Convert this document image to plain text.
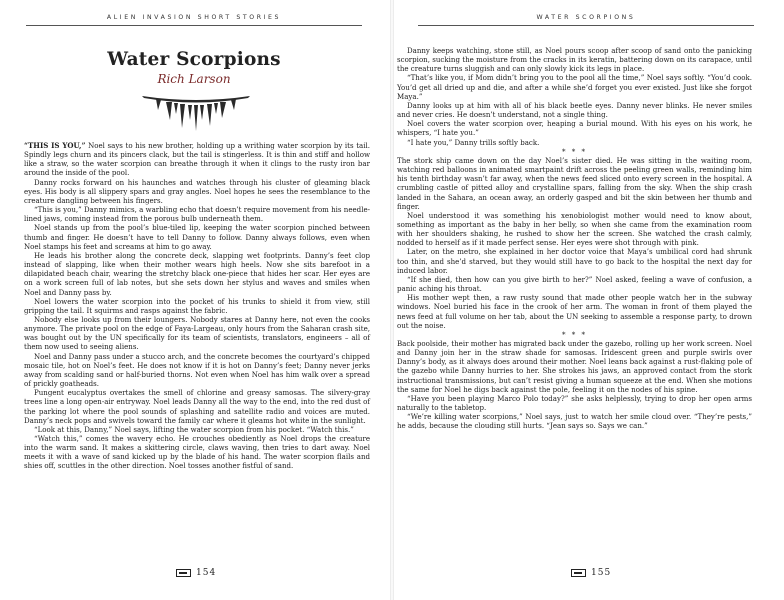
ALIEN INVASION SHORT STORIES
Water Scorpions
Rich Larson

“THIS IS YOU,” Noel says to his new brother, holding up a writhing water scorpion by its tail. Spindly legs churn and its pincers clack, but the tail is stingerless. It is thin and stiff and hollow like a straw, so the water scorpion can breathe through it when it clings to the rusty iron bar around the inside of the pool.

Danny rocks forward on his haunches and watches through his cluster of gleaming black eyes. His body is all slippery spars and gray angles. Noel hopes he sees the resemblance to the creature dangling between his fingers.

“This is you,” Danny mimics, a warbling echo that doesn’t require movement from his needle-lined jaws, coming instead from the porous bulb underneath them.

Noel stands up from the pool’s blue-tiled lip, keeping the water scorpion pinched between thumb and finger. He doesn’t have to tell Danny to follow. Danny always follows, even when Noel stamps his feet and screams at him to go away.

He leads his brother along the concrete deck, slapping wet footprints. Danny’s feet clop instead of slapping, like when their mother wears high heels. Now she sits barefoot in a dilapidated beach chair, wearing the stretchy black one-piece that hides her scar. Her eyes are on a work screen full of lab notes, but she sets down her stylus and waves and smiles when Noel and Danny pass by.

Noel lowers the water scorpion into the pocket of his trunks to shield it from view, still gripping the tail. It squirms and rasps against the fabric.

Nobody else looks up from their loungers. Nobody stares at Danny here, not even the cooks anymore. The private pool on the edge of Faya-Largeau, only hours from the Saharan crash site, was bought out by the UN specifically for its team of scientists, translators, engineers – all of them now used to seeing aliens.

Noel and Danny pass under a stucco arch, and the concrete becomes the courtyard’s chipped mosaic tile, hot on Noel’s feet. He does not know if it is hot on Danny’s feet; Danny never jerks away from scalding sand or half-buried thorns. Not even when Noel has him walk over a spread of prickly goatheads.

Pungent eucalyptus overtakes the smell of chlorine and greasy samosas. The silvery-gray trees line a long open-air entryway. Noel leads Danny all the way to the end, into the red dust of the parking lot where the pool sounds of splashing and satellite radio and voices are muted. Danny’s neck pops and swivels toward the family car where it gleams hot white in the sunlight.

“Look at this, Danny,” Noel says, lifting the water scorpion from his pocket. “Watch this.”

“Watch this,” comes the wavery echo. He crouches obediently as Noel drops the creature into the warm sand. It makes a skittering circle, claws waving, then tries to dart away. Noel meets it with a wave of sand kicked up by the blade of his hand. The water scorpion flails and shies off, scuttles in the other direction. Noel tosses another fistful of sand.

154
WATER SCORPIONS

Danny keeps watching, stone still, as Noel pours scoop after scoop of sand onto the panicking scorpion, sucking the moisture from the cracks in its keratin, battering down on its carapace, until the creature turns sluggish and can only slowly kick its legs in place.

“That’s like you, if Mom didn’t bring you to the pool all the time,” Noel says softly. “You’d cook. You’d get all dried up and die, and after a while she’d forget you ever existed. Just like she forgot Maya.”

Danny looks up at him with all of his black beetle eyes. Danny never blinks. He never smiles and never cries. He doesn’t understand, not a single thing.

Noel covers the water scorpion over, heaping a burial mound. With his eyes on his work, he whispers, “I hate you.”

“I hate you,” Danny trills softly back.

* * *

The stork ship came down on the day Noel’s sister died. He was sitting in the waiting room, watching red balloons in animated smartpaint drift across the peeling green walls, reminding him his tenth birthday wasn’t far away, when the news feed sliced onto every screen in the hospital. A crumbling castle of pitted alloy and crystalline spars, falling from the sky. When the ship crash landed in the Sahara, an ocean away, an orderly gasped and bit the skin between her thumb and finger.

Noel understood it was something his xenobiologist mother would need to know about, something as important as the baby in her belly, so when she came from the examination room with her shoulders shaking, he rushed to show her the screen. She watched the crash calmly, nodded to herself as if it made perfect sense. Her eyes were shot through with pink.

Later, on the metro, she explained in her doctor voice that Maya’s umbilical cord had shrunk too thin, and she’d starved, but they would still have to go back to the hospital the next day for induced labor.

“If she died, then how can you give birth to her?” Noel asked, feeling a wave of confusion, a panic aching his throat.

His mother wept then, a raw rusty sound that made other people watch her in the subway windows. Noel buried his face in the crook of her arm. The woman in front of them played the news feed at full volume on her tab, about the UN seeking to assemble a response party, to drown out the noise.

* * *

Back poolside, their mother has migrated back under the gazebo, rolling up her work screen. Noel and Danny join her in the straw shade for samosas. Iridescent green and purple swirls over Danny’s body, as it always does around their mother. Noel leans back against a rust-flaking pole of the gazebo while Danny hurries to her. She strokes his jaws, an approved contact from the stork instructional transmissions, but can’t resist giving a human squeeze at the end. When she motions the same for Noel he digs back against the pole, feeling it on the nodes of his spine.

“Have you been playing Marco Polo today?” she asks helplessly, trying to drop her open arms naturally to the tabletop.

“We’re killing water scorpions,” Noel says, just to watch her smile cloud over. “They’re pests,” he adds, because the clouding still hurts. “Jean says so. Says we can.”

155
